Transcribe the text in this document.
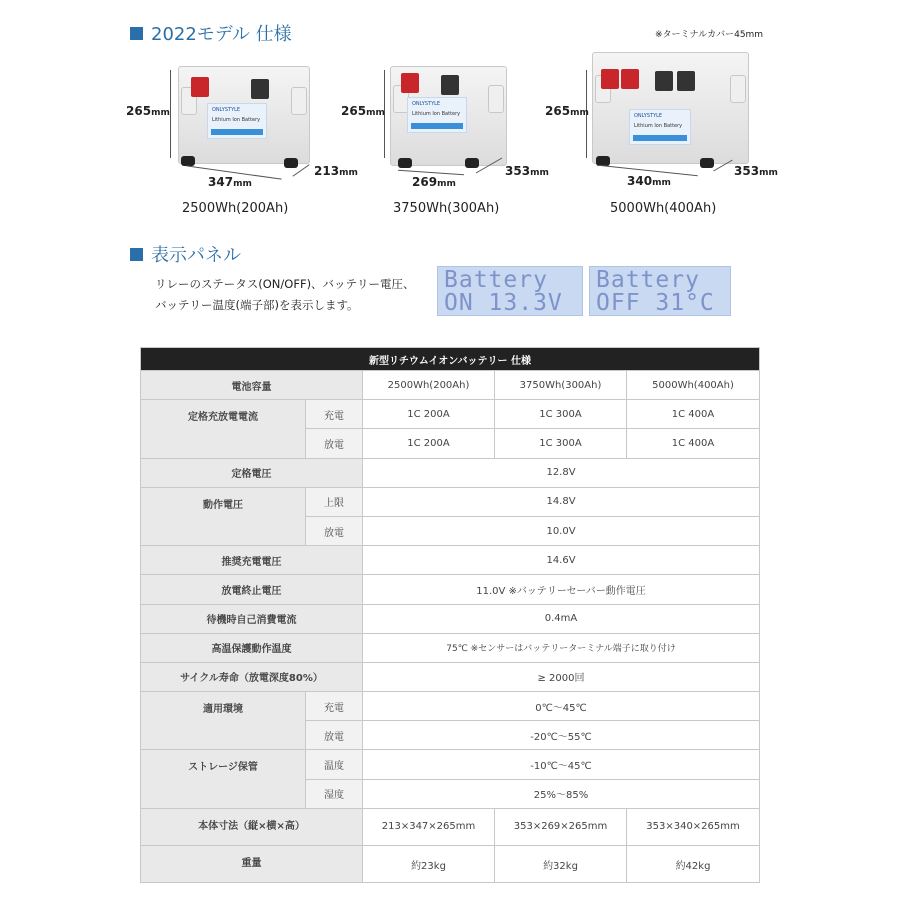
2022モデル 仕様	※ターミナルカバー45mm
ONLYSTYLE
Lithium Ion Battery
265mm
347mm
213mm
2500Wh(200Ah)
ONLYSTYLE
Lithium Ion Battery
265mm
269mm
353mm
3750Wh(300Ah)
ONLYSTYLE
Lithium Ion Battery
265mm
340mm
353mm
5000Wh(400Ah)
表示パネル
リレーのステータス(ON/OFF)、バッテリー電圧、
バッテリー温度(端子部)を表示します。
Battery
ON 13.3V
Battery
OFF 31°C
新型リチウムイオンバッテリー 仕様				
電池容量		2500Wh(200Ah)	3750Wh(300Ah)	5000Wh(400Ah)
定格充放電電流	充電	1C 200A	1C 300A	1C 400A
	放電	1C 200A	1C 300A	1C 400A
定格電圧		12.8V		
動作電圧	上限	14.8V		
	放電	10.0V		
推奨充電電圧		14.6V		
放電終止電圧		11.0V ※バッテリーセーバー動作電圧		
待機時自己消費電流		0.4mA		
高温保護動作温度		75℃ ※センサーはバッテリーターミナル端子に取り付け		
サイクル寿命（放電深度80%）		≥ 2000回		
適用環境	充電	0℃～45℃		
	放電	-20℃～55℃		
ストレージ保管	温度	-10℃～45℃		
	湿度	25%～85%		
本体寸法（縦×横×高）		213×347×265mm	353×269×265mm	353×340×265mm
重量		約23kg	約32kg	約42kg
